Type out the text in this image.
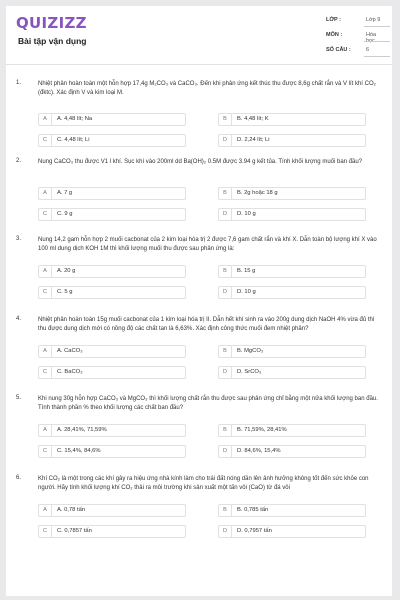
QUIZIZZ
Bài tập vận dụng
LỚP :	Lớp 9
MÔN :	Hóa học
SỐ CÂU :	6
1.	Nhiệt phân hoàn toàn một hỗn hợp 17,4g M₂CO₃ và CaCO₃. Đến khi phản ứng kết thúc thu được 8,6g chất rắn và V lít khí CO₂ (đktc). Xác định V và kim loại M.
A	A. 4,48 lít; Na	B	B. 4,48 lít; K
C	C. 4,48 lít; Li	D	D. 2,24 lít; Li
2.	Nung CaCO₃ thu được V1 l khí. Sục khí vào 200ml dd Ba(OH)₂ 0.5M được 3.94 g kết tủa. Tính khối lượng muối ban đầu?
A	A. 7 g	B	B. 2g hoặc 18 g
C	C. 9 g	D	D. 10 g
3.	Nung 14,2 gam hỗn hợp 2 muối cacbonat của 2 kim loại hóa trị 2 được 7,6 gam chất rắn và khí X. Dẫn toàn bộ lượng khí X vào 100 ml dung dịch KOH 1M thì khối lượng muối thu được sau phản ứng là:
A	A. 20 g	B	B. 15 g
C	C. 5 g	D	D. 10 g
4.	Nhiệt phân hoàn toàn 15g muối cacbonat của 1 kim loại hóa trị II. Dẫn hết khí sinh ra vào 200g dung dịch NaOH 4% vừa đủ thì thu được dung dịch mới có nồng độ các chất tan là 6,63%. Xác định công thức muối đem nhiệt phân?
A	A. CaCO₃	B	B. MgCO₃
C	C. BaCO₃	D	D. SrCO₃
5.	Khi nung 30g hỗn hợp CaCO₃ và MgCO₃ thì khối lượng chất rắn thu được sau phản ứng chỉ bằng một nửa khối lượng ban đầu. Tính thành phần % theo khối lượng các chất ban đầu?
A	A. 28,41%, 71,59%	B	B. 71,59%, 28,41%
C	C. 15,4%, 84,6%	D	D. 84,6%, 15,4%
6.	Khí CO₂ là một trong các khí gây ra hiệu ứng nhà kính làm cho trái đất nóng dần lên ảnh hưởng không tốt đến sức khỏe con người. Hãy tính khối lượng khí CO₂ thải ra môi trường khi sản xuất một tấn vôi (CaO) từ đá vôi
A	A. 0,78 tấn	B	B. 0,785 tấn
C	C. 0,7857 tấn	D	D. 0,7957 tấn
